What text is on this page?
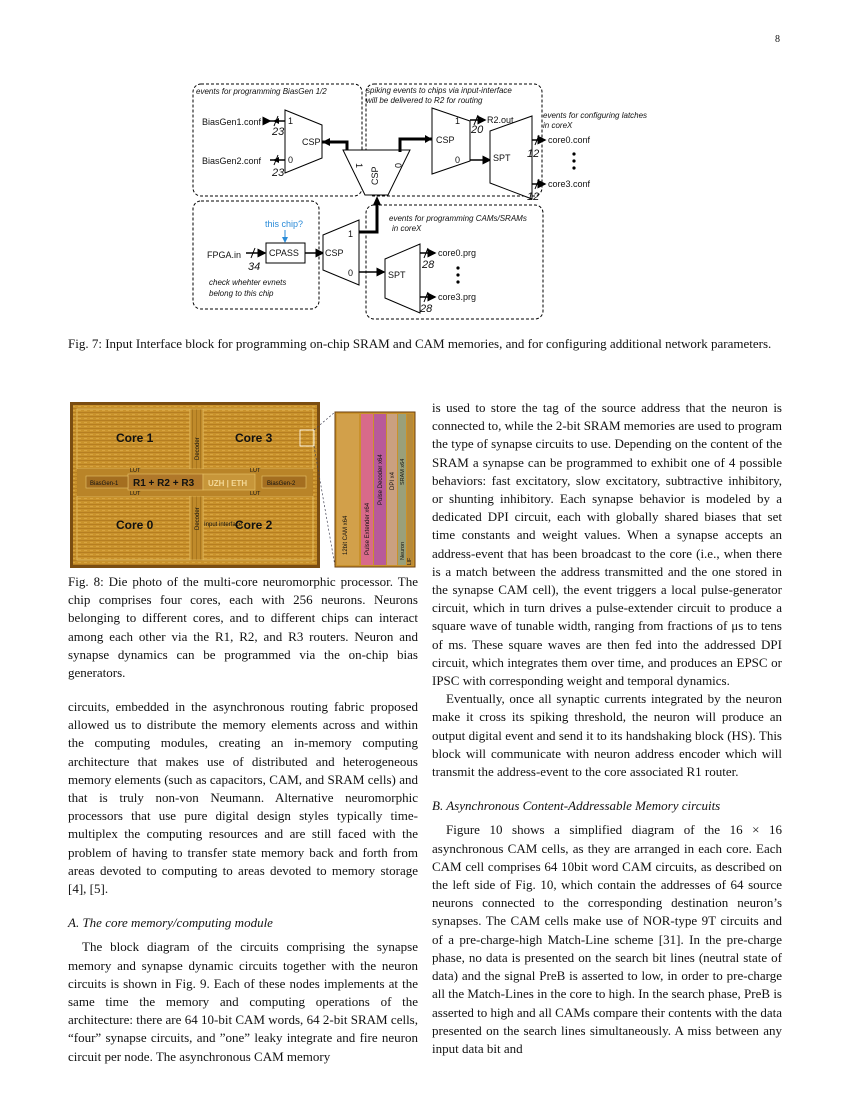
8
events for programming BiasGen 1/2	spiking events to chips via input-interface
will be delivered to R2 for routing
events for configuring latches
in coreX
events for programming CAMs/SRAMs
in coreX
check whehter evnets
belong to this chip
BiasGen1.conf
BiasGen2.conf
23
23
1
0
CSP
1	0
CSP
1
0
CSP
R2.out
20
SPT
core0.conf
core3.conf
12
12
FPGA.in
34
CPASS
this chip?
1
0
CSP
SPT
core0.prg
core3.prg
28
28
Fig. 7: Input Interface block for programming on-chip SRAM and CAM memories, and for configuring additional network parameters.
Decoder
Decoder
R1 + R2 + R3 UZH | ETH
BiasGen-1	BiasGen-2
LUT	LUT
LUT	LUT
Core 1	Core 3
Core 0	Core 2
Input interface	12bit CAM x64	Pulse Extender x64
Pulse Decoder x64 DPI x4 SRAM x64
Neuron
LIF
Fig. 8: Die photo of the multi-core neuromorphic processor. The chip comprises four cores, each with 256 neurons. Neurons belonging to different cores, and to different chips can interact among each other via the R1, R2, and R3 routers. Neuron and synapse dynamics can be programmed via the on-chip bias generators.

circuits, embedded in the asynchronous routing fabric proposed allowed us to distribute the memory elements across and within the computing modules, creating an in-memory computing architecture that makes use of distributed and heterogeneous memory elements (such as capacitors, CAM, and SRAM cells) and that is truly non-von Neumann. Alternative neuromorphic processors that use pure digital design styles typically time-multiplex the computing resources and are still faced with the problem of having to transfer state memory back and forth from areas devoted to computing to areas devoted to memory storage [4], [5].

A. The core memory/computing module

The block diagram of the circuits comprising the synapse memory and synapse dynamic circuits together with the neuron circuits is shown in Fig. 9. Each of these nodes implements at the same time the memory and computing operations of the architecture: there are 64 10-bit CAM words, 64 2-bit SRAM cells, “four” synapse circuits, and ”one” leaky integrate and fire neuron circuit per node. The asynchronous CAM memory

is used to store the tag of the source address that the neuron is connected to, while the 2-bit SRAM memories are used to program the type of synapse circuits to use. Depending on the content of the SRAM a synapse can be programmed to exhibit one of 4 possible behaviors: fast excitatory, slow excitatory, subtractive inhibitory, or shunting inhibitory. Each synapse behavior is modeled by a dedicated DPI circuit, each with globally shared biases that set time constants and weight values. When a synapse accepts an address-event that has been broadcast to the core (i.e., when there is a match between the address transmitted and the one stored in the synapse CAM cell), the event triggers a local pulse-generator circuit, which in turn drives a pulse-extender circuit to produce a square wave of tunable width, ranging from fractions of μs to tens of ms. These square waves are then fed into the addressed DPI circuit, which integrates them over time, and produces an EPSC or IPSC with corresponding weight and temporal dynamics.

Eventually, once all synaptic currents integrated by the neuron make it cross its spiking threshold, the neuron will produce an output digital event and send it to its handshaking block (HS). This block will communicate with neuron address encoder which will transmit the address-event to the core associated R1 router.

B. Asynchronous Content-Addressable Memory circuits

Figure 10 shows a simplified diagram of the 16 × 16 asynchronous CAM cells, as they are arranged in each core. Each CAM cell comprises 64 10bit word CAM circuits, as described on the left side of Fig. 10, which contain the addresses of 64 source neurons connected to the corresponding destination neuron’s synapses. The CAM cells make use of NOR-type 9T circuits and of a pre-charge-high Match-Line scheme [31]. In the pre-charge phase, no data is presented on the search bit lines (neutral state of data) and the signal PreB is asserted to low, in order to pre-charge all the Match-Lines in the core to high. In the search phase, PreB is asserted to high and all CAMs compare their contents with the data presented on the search lines simultaneously. A miss between any input data bit and
